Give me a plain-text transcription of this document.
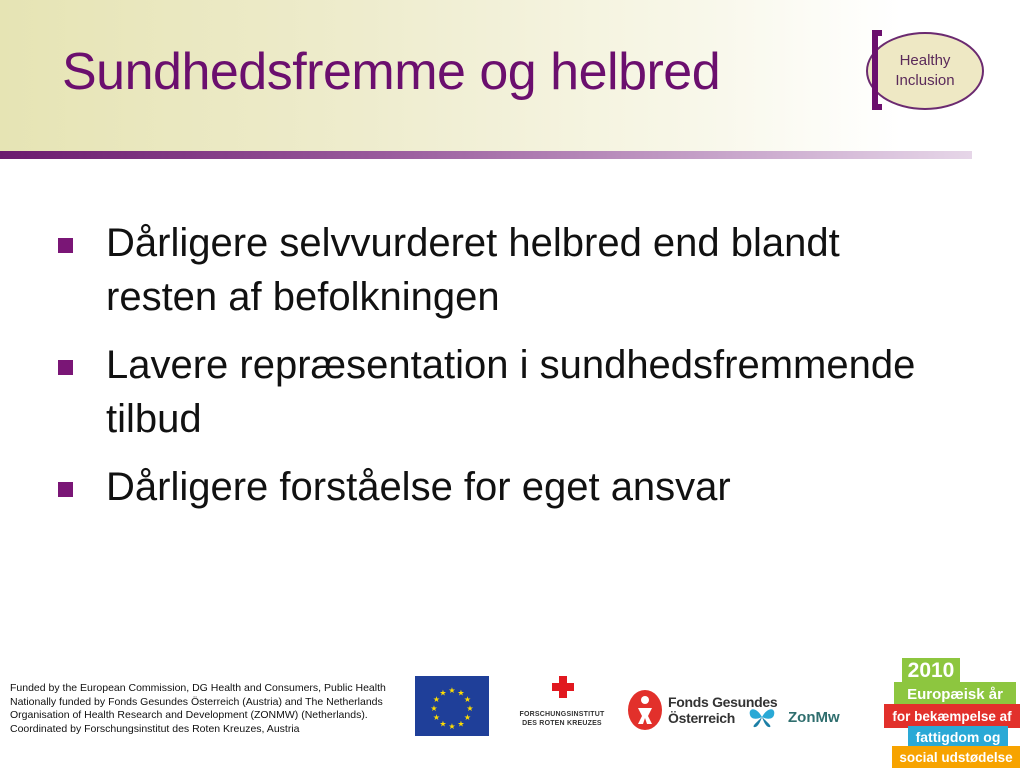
Sundhedsfremme og helbred	Healthy
Inclusion
Dårligere selvvurderet helbred end blandt resten af befolkningen
Lavere repræsentation i sundhedsfremmende tilbud
Dårligere forståelse for eget ansvar
Funded by the European Commission, DG Health and Consumers, Public Health
Nationally funded by Fonds Gesundes Österreich (Austria) and The Netherlands Organisation of Health Research and Development (ZONMW) (Netherlands).
Coordinated by Forschungsinstitut des Roten Kreuzes, Austria
★ ★
★
★
★
★
★
★
★
★
★
★
FORSCHUNGSINSTITUT
DES ROTEN KREUZES
Fonds Gesundes
Österreich	ZonMw
2010
Europæisk år
for bekæmpelse af
fattigdom og
social udstødelse
